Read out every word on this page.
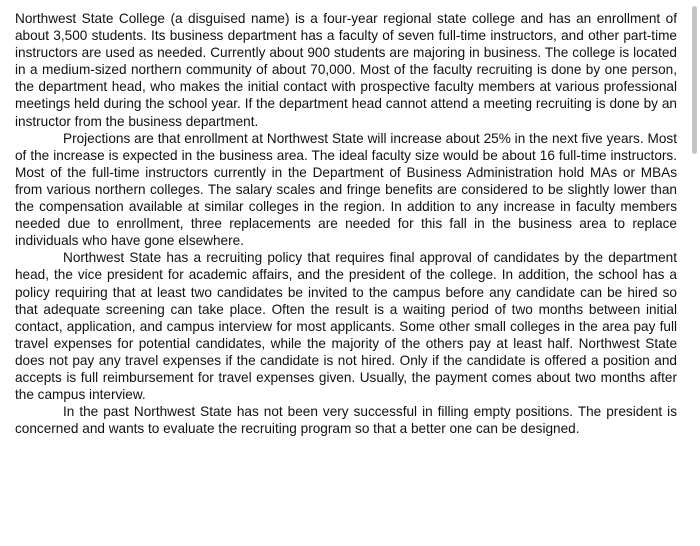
Northwest State College (a disguised name) is a four-year regional state college and has an enrollment of about 3,500 students. Its business department has a faculty of seven full-time instructors, and other part-time instructors are used as needed. Currently about 900 students are majoring in business. The college is located in a medium-sized northern community of about 70,000. Most of the faculty recruiting is done by one person, the department head, who makes the initial contact with prospective faculty members at various professional meetings held during the school year. If the department head cannot attend a meeting recruiting is done by an instructor from the business department.

Projections are that enrollment at Northwest State will increase about 25% in the next five years. Most of the increase is expected in the business area. The ideal faculty size would be about 16 full-time instructors. Most of the full-time instructors currently in the Department of Business Administration hold MAs or MBAs from various northern colleges. The salary scales and fringe benefits are considered to be slightly lower than the compensation available at similar colleges in the region. In addition to any increase in faculty members needed due to enrollment, three replacements are needed for this fall in the business area to replace individuals who have gone elsewhere.

Northwest State has a recruiting policy that requires final approval of candidates by the department head, the vice president for academic affairs, and the president of the college. In addition, the school has a policy requiring that at least two candidates be invited to the campus before any candidate can be hired so that adequate screening can take place. Often the result is a waiting period of two months between initial contact, application, and campus interview for most applicants. Some other small colleges in the area pay full travel expenses for potential candidates, while the majority of the others pay at least half. Northwest State does not pay any travel expenses if the candidate is not hired. Only if the candidate is offered a position and accepts is full reimbursement for travel expenses given. Usually, the payment comes about two months after the campus interview.

In the past Northwest State has not been very successful in filling empty positions. The president is concerned and wants to evaluate the recruiting program so that a better one can be designed.
